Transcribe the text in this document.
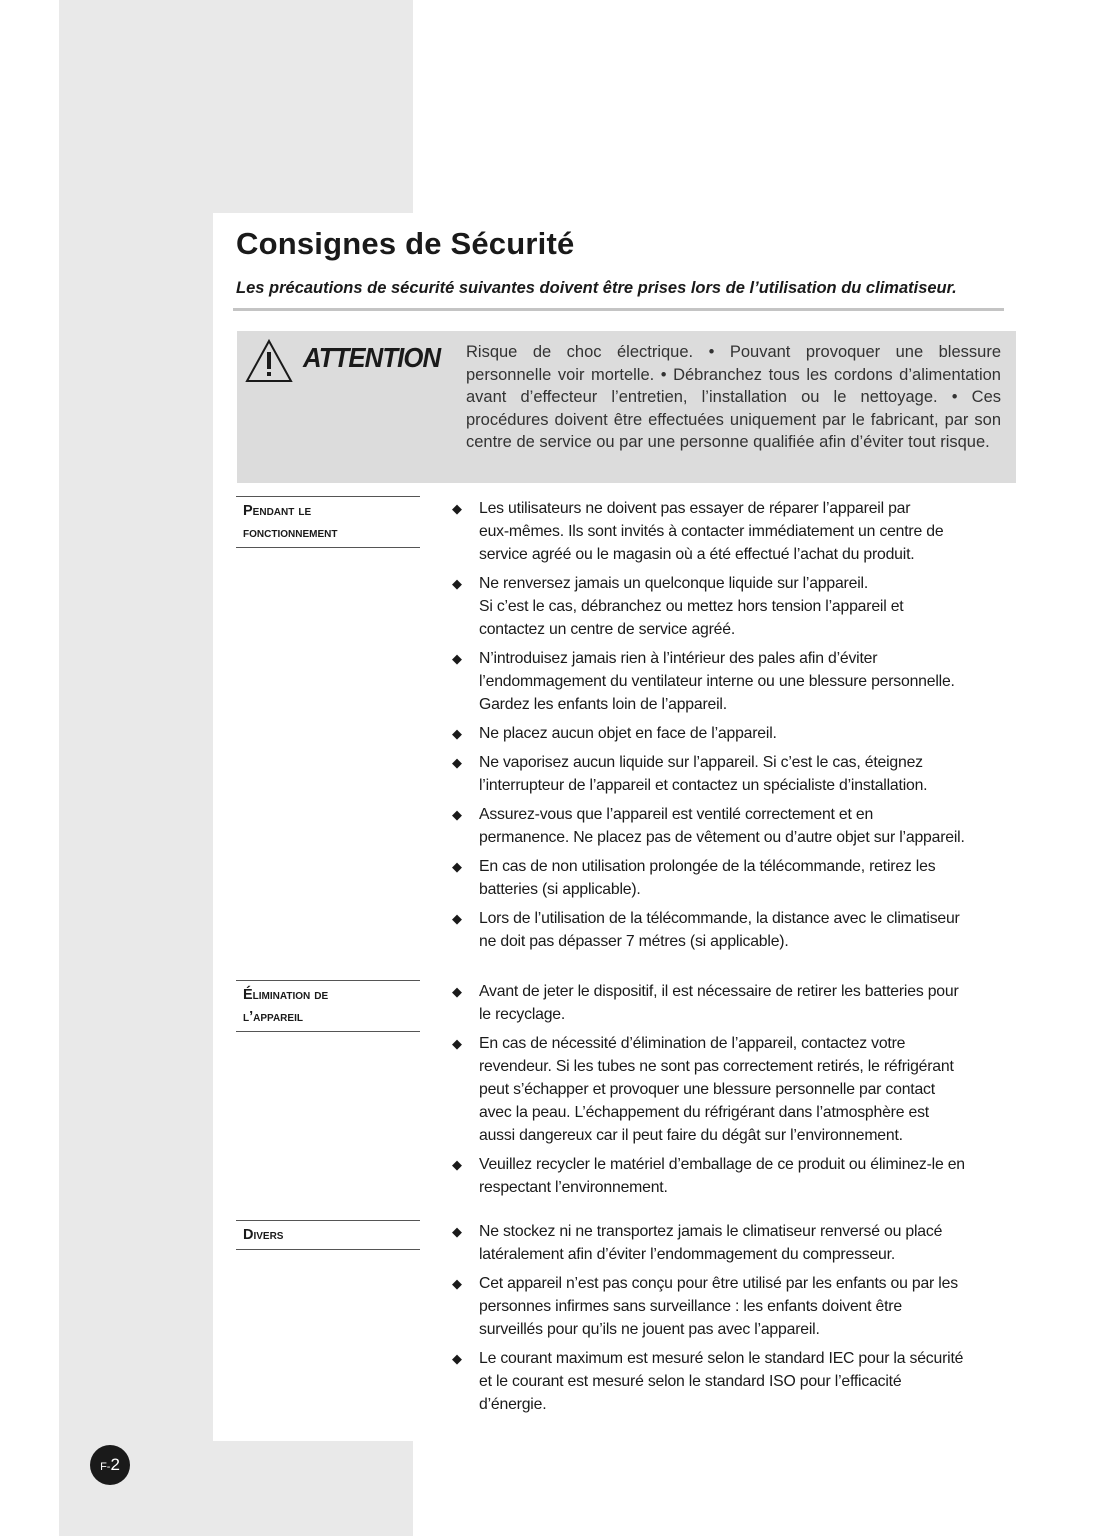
Consignes de Sécurité

Les précautions de sécurité suivantes doivent être prises lors de l’utilisation du climatiseur.

ATTENTION Risque de choc électrique. • Pouvant provoquer une blessure personnelle voir mortelle. • Débranchez tous les cordons d’alimentation avant d’effecteur l’entretien, l’installation ou le nettoyage. • Ces procédures doivent être effectuées uniquement par le fabricant, par son centre de service ou par une personne qualifiée afin d’éviter tout risque.

Pendant le
fonctionnement
◆ Les utilisateurs ne doivent pas essayer de réparer l’appareil par
eux-mêmes. Ils sont invités à contacter immédiatement un centre de
service agréé ou le magasin où a été effectué l’achat du produit.
◆ Ne renversez jamais un quelconque liquide sur l’appareil.
Si c’est le cas, débranchez ou mettez hors tension l’appareil et
contactez un centre de service agréé.
◆ N’introduisez jamais rien à l’intérieur des pales afin d’éviter
l’endommagement du ventilateur interne ou une blessure personnelle.
Gardez les enfants loin de l’appareil.
◆ Ne placez aucun objet en face de l’appareil.
◆ Ne vaporisez aucun liquide sur l’appareil. Si c’est le cas, éteignez
l’interrupteur de l’appareil et contactez un spécialiste d’installation.
◆ Assurez-vous que l’appareil est ventilé correctement et en
permanence. Ne placez pas de vêtement ou d’autre objet sur l’appareil.
◆ En cas de non utilisation prolongée de la télécommande, retirez les
batteries (si applicable).
◆ Lors de l’utilisation de la télécommande, la distance avec le climatiseur
ne doit pas dépasser 7 métres (si applicable).
Élimination de
l’appareil
◆ Avant de jeter le dispositif, il est nécessaire de retirer les batteries pour
le recyclage.
◆ En cas de nécessité d’élimination de l’appareil, contactez votre
revendeur. Si les tubes ne sont pas correctement retirés, le réfrigérant
peut s’échapper et provoquer une blessure personnelle par contact
avec la peau. L’échappement du réfrigérant dans l’atmosphère est
aussi dangereux car il peut faire du dégât sur l’environnement.
◆ Veuillez recycler le matériel d’emballage de ce produit ou éliminez-le en
respectant l’environnement.
Divers	◆ Ne stockez ni ne transportez jamais le climatiseur renversé ou placé
latéralement afin d’éviter l’endommagement du compresseur.
◆ Cet appareil n’est pas conçu pour être utilisé par les enfants ou par les
personnes infirmes sans surveillance : les enfants doivent être
surveillés pour qu’ils ne jouent pas avec l’appareil.
◆ Le courant maximum est mesuré selon le standard IEC pour la sécurité
et le courant est mesuré selon le standard ISO pour l’efficacité
d’énergie.
F-2
